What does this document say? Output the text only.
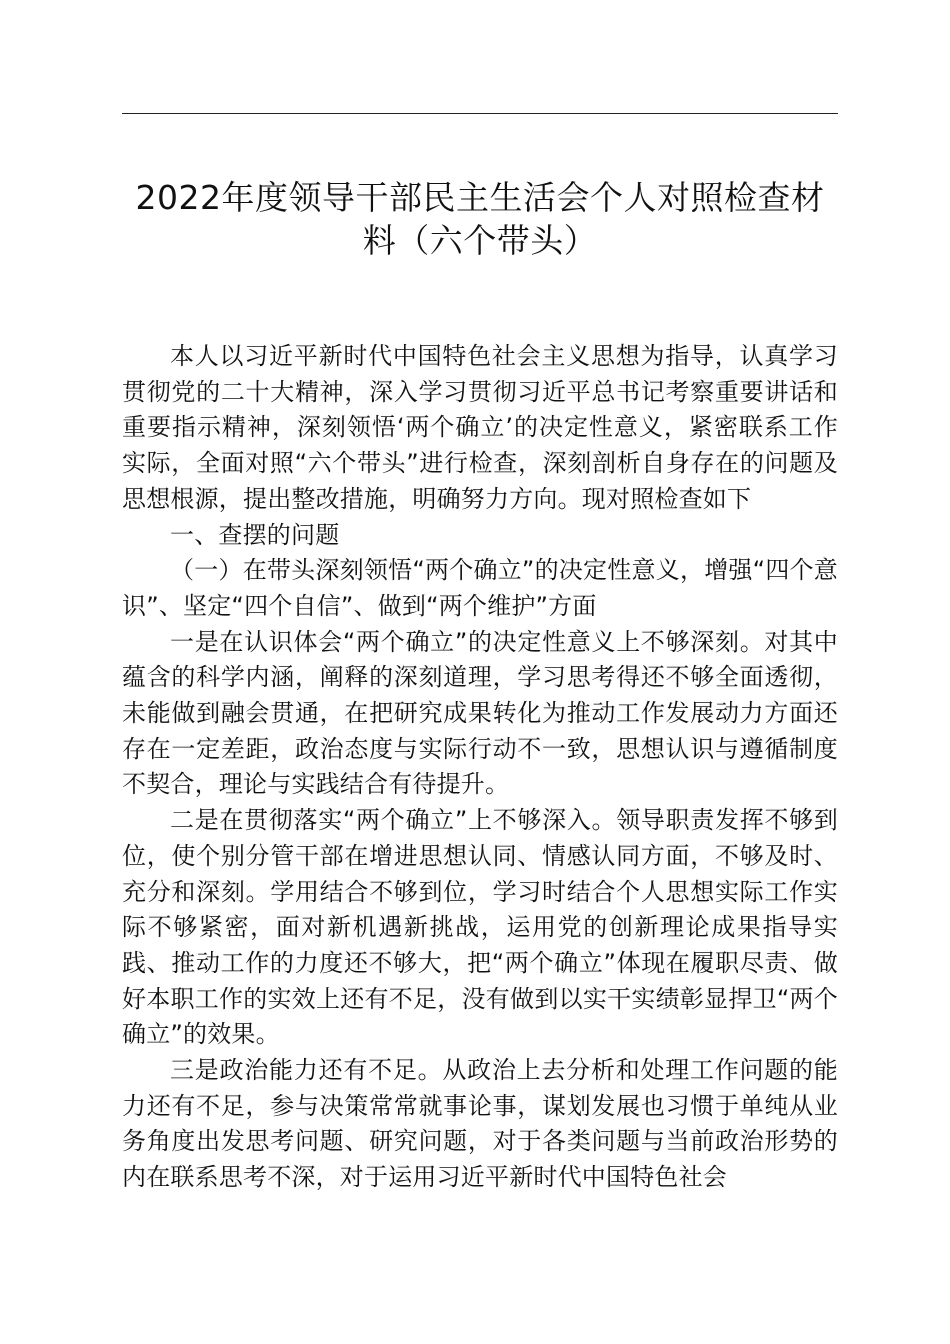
2022年度领导干部民主生活会个人对照检查材
料（六个带头）

本人以习近平新时代中国特色社会主义思想为指导，认真学习贯彻党的二十大精神，深入学习贯彻习近平总书记考察重要讲话和重要指示精神，深刻领悟‘两个确立’的决定性意义，紧密联系工作实际，全面对照“六个带头”进行检查，深刻剖析自身存在的问题及思想根源，提出整改措施，明确努力方向。现对照检查如下

一、查摆的问题

（一）在带头深刻领悟“两个确立”的决定性意义，增强“四个意识”、坚定“四个自信”、做到“两个维护”方面

一是在认识体会“两个确立”的决定性意义上不够深刻。对其中蕴含的科学内涵，阐释的深刻道理，学习思考得还不够全面透彻，未能做到融会贯通，在把研究成果转化为推动工作发展动力方面还存在一定差距，政治态度与实际行动不一致，思想认识与遵循制度不契合，理论与实践结合有待提升。

二是在贯彻落实“两个确立”上不够深入。领导职责发挥不够到位，使个别分管干部在增进思想认同、情感认同方面，不够及时、充分和深刻。学用结合不够到位，学习时结合个人思想实际工作实际不够紧密，面对新机遇新挑战，运用党的创新理论成果指导实践、推动工作的力度还不够大，把“两个确立”体现在履职尽责、做好本职工作的实效上还有不足，没有做到以实干实绩彰显捍卫“两个确立”的效果。

三是政治能力还有不足。从政治上去分析和处理工作问题的能力还有不足，参与决策常常就事论事，谋划发展也习惯于单纯从业务角度出发思考问题、研究问题，对于各类问题与当前政治形势的内在联系思考不深，对于运用习近平新时代中国特色社会
